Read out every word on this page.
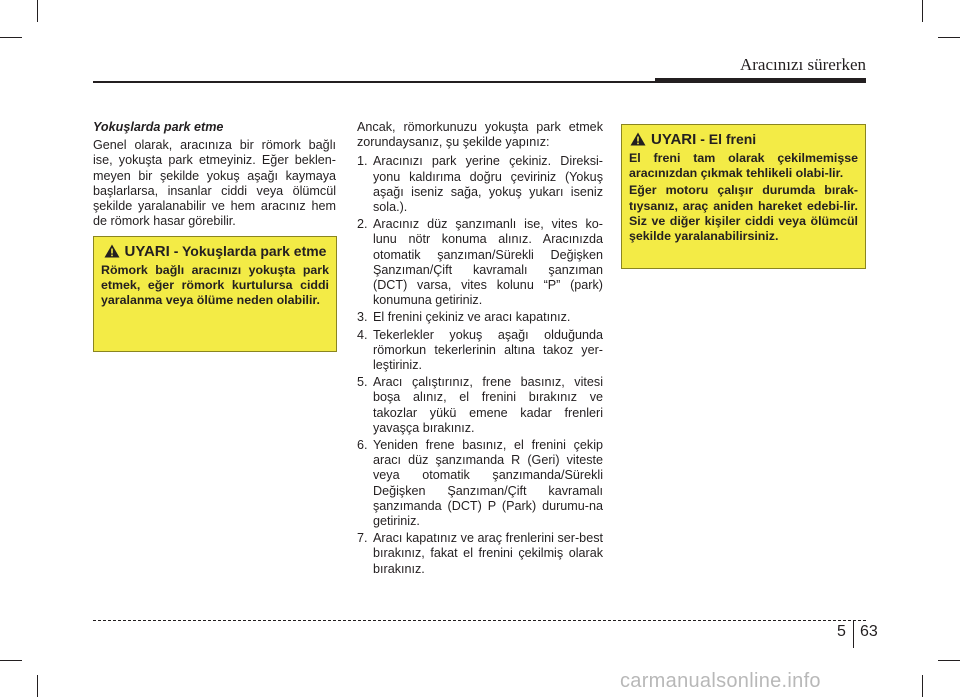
Aracınızı sürerken
Yokuşlarda park etme
Genel olarak, aracınıza bir römork bağlı ise, yokuşta park etmeyiniz. Eğer beklen-meyen bir şekilde yokuş aşağı kaymaya başlarlarsa, insanlar ciddi veya ölümcül şekilde yaralanabilir ve hem aracınız hem de römork hasar görebilir.
UYARI - Yokuşlarda park etme
Römork bağlı aracınızı yokuşta park etmek, eğer römork kurtulursa ciddi yaralanma veya ölüme neden olabilir.
Ancak, römorkunuzu yokuşta park etmek zorundaysanız, şu şekilde yapınız:
1. Aracınızı park yerine çekiniz. Direksi-yonu kaldırıma doğru çeviriniz (Yokuş aşağı iseniz sağa, yokuş yukarı iseniz sola.).
2. Aracınız düz şanzımanlı ise, vites ko-lunu nötr konuma alınız. Aracınızda otomatik şanzıman/Sürekli Değişken Şanzıman/Çift kavramalı şanzıman (DCT) varsa, vites kolunu “P” (park) konumuna getiriniz.
3. El frenini çekiniz ve aracı kapatınız.
4. Tekerlekler yokuş aşağı olduğunda römorkun tekerlerinin altına takoz yer-leştiriniz.
5. Aracı çalıştırınız, frene basınız, vitesi boşa alınız, el frenini bırakınız ve takozlar yükü emene kadar frenleri yavaşça bırakınız.
6. Yeniden frene basınız, el frenini çekip aracı düz şanzımanda R (Geri) viteste veya otomatik şanzımanda/Sürekli Değişken Şanzıman/Çift kavramalı şanzımanda (DCT) P (Park) durumu-na getiriniz.
7. Aracı kapatınız ve araç frenlerini ser-best bırakınız, fakat el frenini çekilmiş olarak bırakınız.
UYARI - El freni

El freni tam olarak çekilmemişse aracınızdan çıkmak tehlikeli olabi-lir.

Eğer motoru çalışır durumda bırak-tıysanız, araç aniden hareket edebi-lir. Siz ve diğer kişiler ciddi veya ölümcül şekilde yaralanabilirsiniz.

5 63
carmanualsonline.info
